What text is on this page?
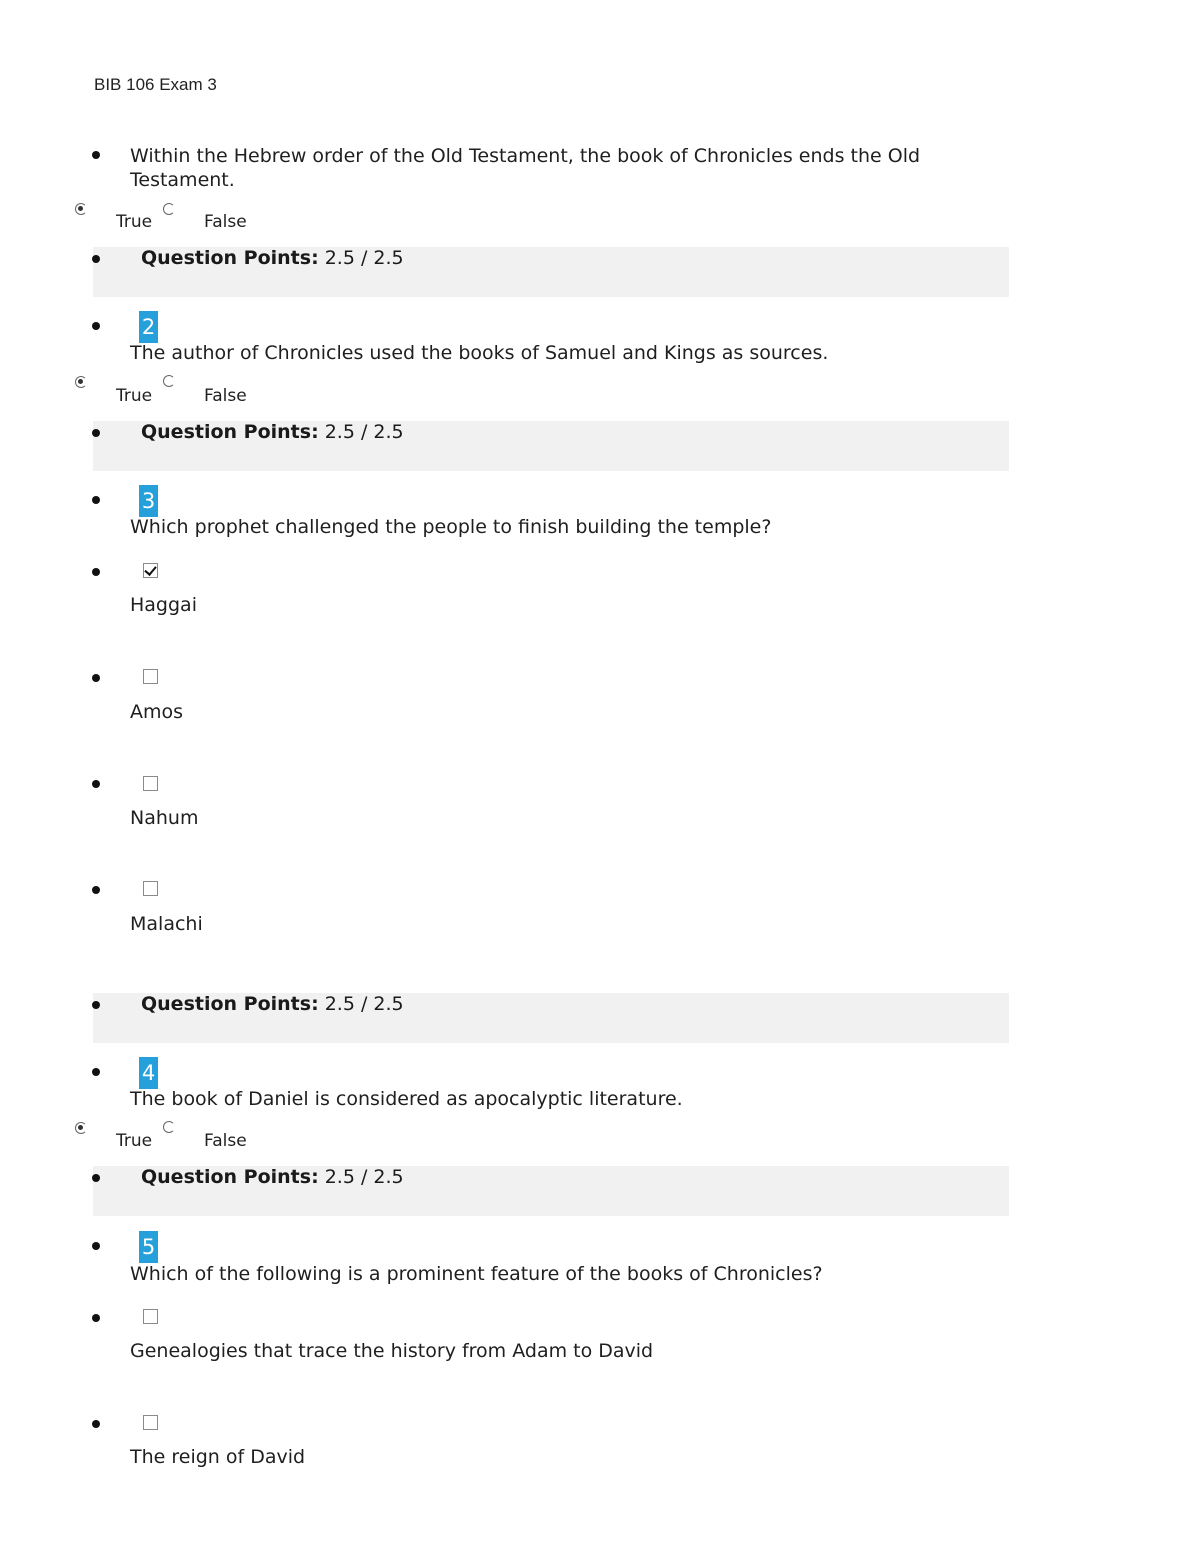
BIB 106 Exam 3
Within the Hebrew order of the Old Testament, the book of Chronicles ends the Old Testament.
True	False
Question Points: 2.5 / 2.5
2
The author of Chronicles used the books of Samuel and Kings as sources.
True	False
Question Points: 2.5 / 2.5
3
Which prophet challenged the people to finish building the temple?
Haggai
Amos
Nahum
Malachi
Question Points: 2.5 / 2.5
4
The book of Daniel is considered as apocalyptic literature.
True	False
Question Points: 2.5 / 2.5
5
Which of the following is a prominent feature of the books of Chronicles?
Genealogies that trace the history from Adam to David
The reign of David
